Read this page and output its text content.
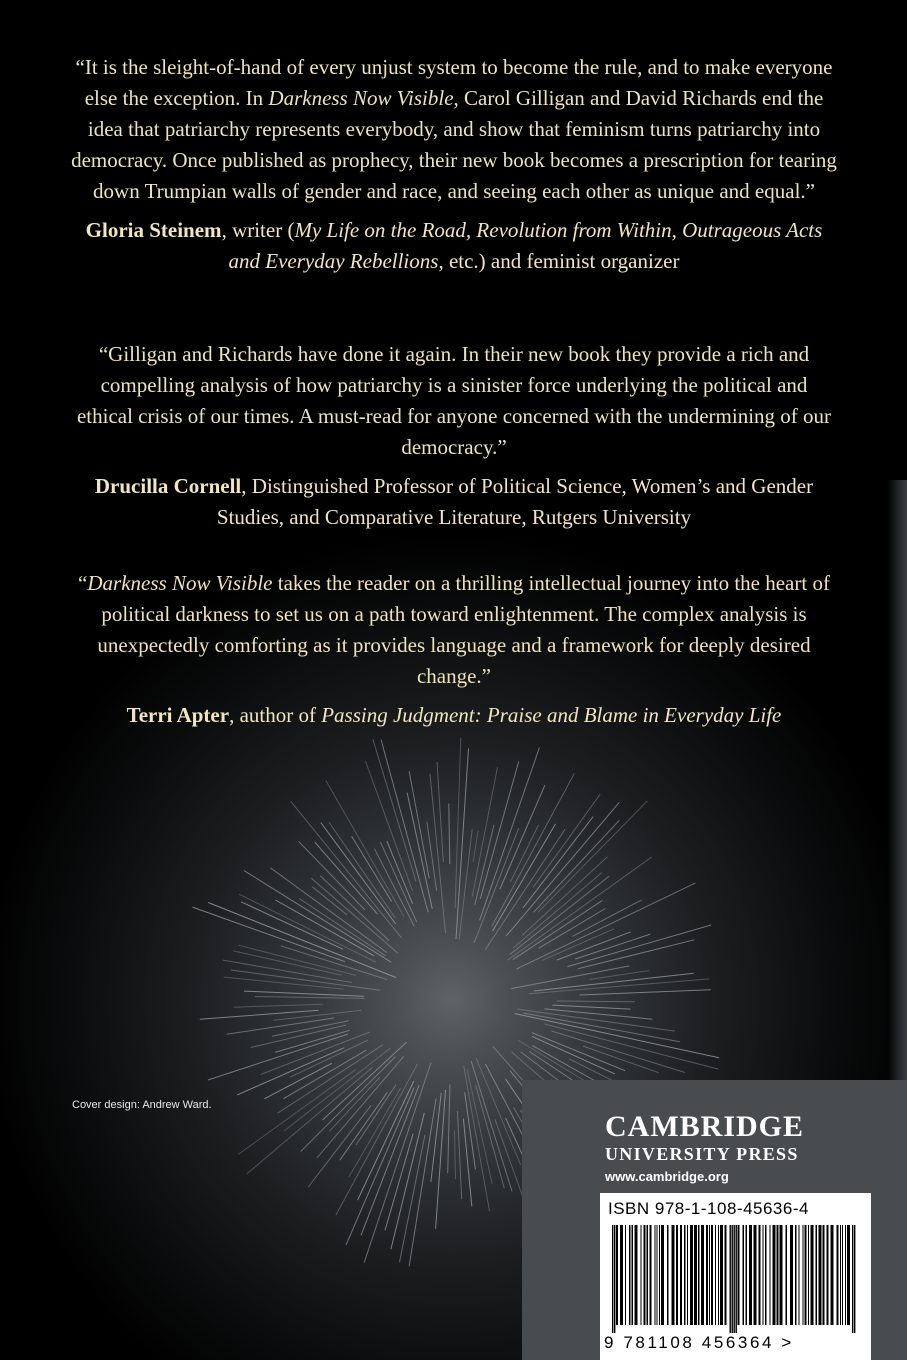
“It is the sleight-of-hand of every unjust system to become the rule, and to make everyone else the exception. In Darkness Now Visible, Carol Gilligan and David Richards end the idea that patriarchy represents everybody, and show that feminism turns patriarchy into democracy. Once published as prophecy, their new book becomes a prescription for tearing down Trumpian walls of gender and race, and seeing each other as unique and equal.”

Gloria Steinem, writer (My Life on the Road, Revolution from Within, Outrageous Acts and Everyday Rebellions, etc.) and feminist organizer

“Gilligan and Richards have done it again. In their new book they provide a rich and compelling analysis of how patriarchy is a sinister force underlying the political and ethical crisis of our times. A must-read for anyone concerned with the undermining of our democracy.”

Drucilla Cornell, Distinguished Professor of Political Science, Women’s and Gender Studies, and Comparative Literature, Rutgers University

“Darkness Now Visible takes the reader on a thrilling intellectual journey into the heart of political darkness to set us on a path toward enlightenment. The complex analysis is unexpectedly comforting as it provides language and a framework for deeply desired change.”

Terri Apter, author of Passing Judgment: Praise and Blame in Everyday Life

Cover design: Andrew Ward.
CAMBRIDGE
UNIVERSITY PRESS
www.cambridge.org
ISBN 978-1-108-45636-4
9 781108 456364 >
